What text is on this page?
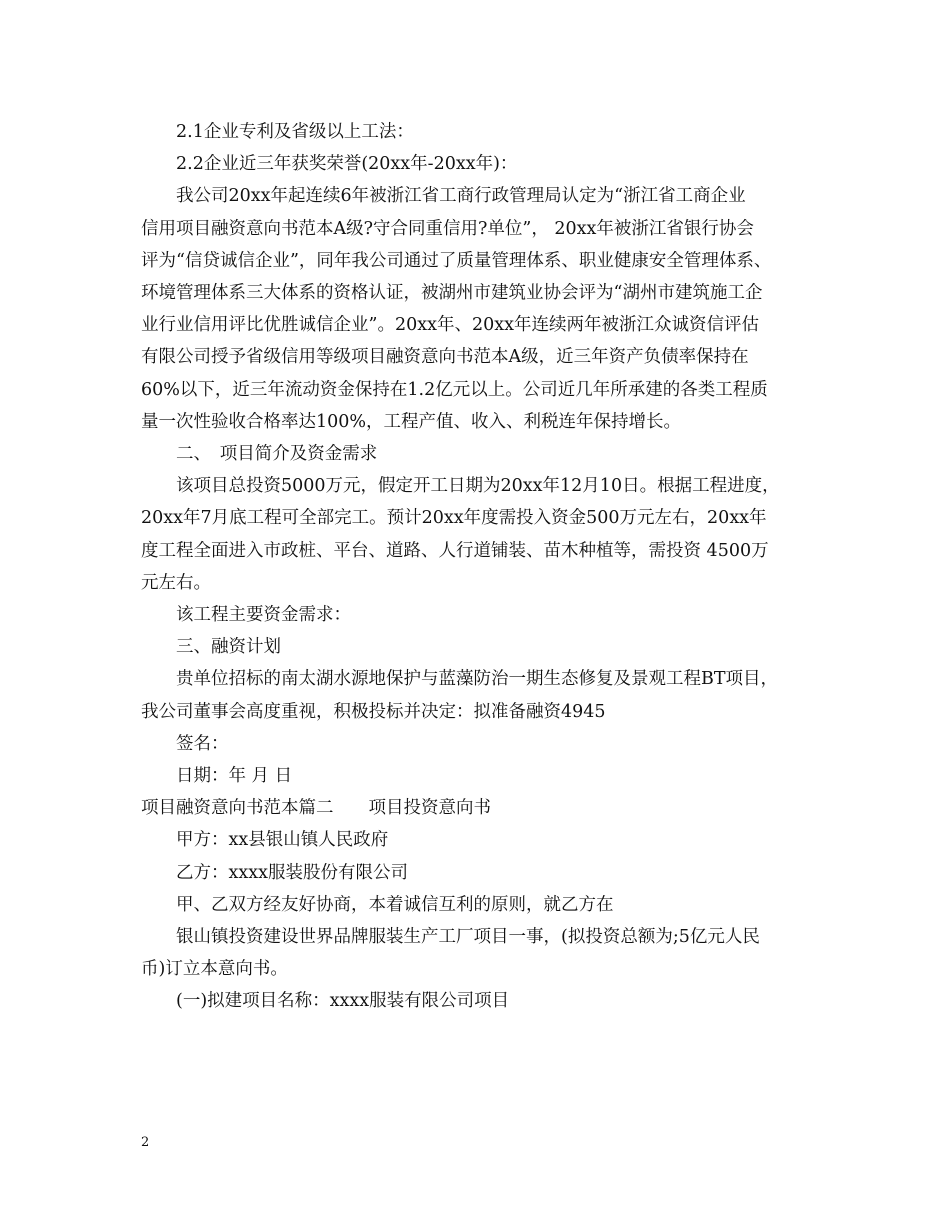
2.1企业专利及省级以上工法：

2.2企业近三年获奖荣誉(20xx年-20xx年)：

我公司20xx年起连续6年被浙江省工商行政管理局认定为“浙江省工商企业

信用项目融资意向书范本A级?守合同重信用?单位”， 20xx年被浙江省银行协会

评为“信贷诚信企业”，同年我公司通过了质量管理体系、职业健康安全管理体系、

环境管理体系三大体系的资格认证，被湖州市建筑业协会评为“湖州市建筑施工企

业行业信用评比优胜诚信企业”。20xx年、20xx年连续两年被浙江众诚资信评估

有限公司授予省级信用等级项目融资意向书范本A级，近三年资产负债率保持在

60%以下，近三年流动资金保持在1.2亿元以上。公司近几年所承建的各类工程质

量一次性验收合格率达100%，工程产值、收入、利税连年保持增长。

二、　项目简介及资金需求

该项目总投资5000万元，假定开工日期为20xx年12月10日。根据工程进度，

20xx年7月底工程可全部完工。预计20xx年度需投入资金500万元左右，20xx年

度工程全面进入市政桩、平台、道路、人行道铺装、苗木种植等，需投资 4500万

元左右。

该工程主要资金需求：

三、融资计划

贵单位招标的南太湖水源地保护与蓝藻防治一期生态修复及景观工程BT项目，

我公司董事会高度重视，积极投标并决定：拟准备融资4945

签名：

日期：年 月 日

项目融资意向书范本篇二　　项目投资意向书

甲方：xx县银山镇人民政府

乙方：xxxx服装股份有限公司

甲、乙双方经友好协商，本着诚信互利的原则，就乙方在

银山镇投资建设世界品牌服装生产工厂项目一事，(拟投资总额为;5亿元人民

币)订立本意向书。

(一)拟建项目名称：xxxx服装有限公司项目

2
